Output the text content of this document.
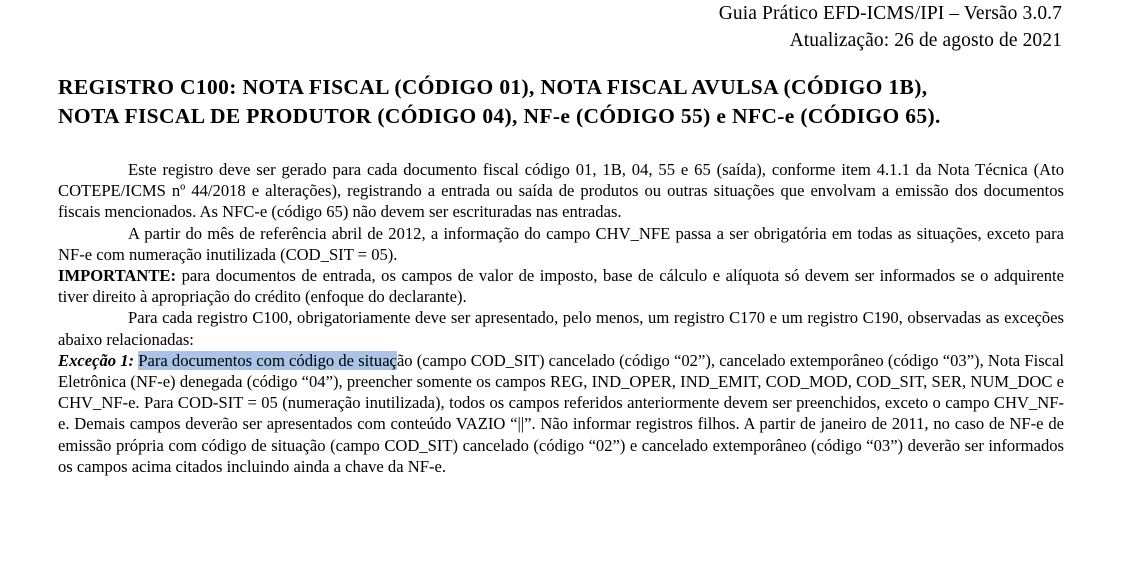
Guia Prático EFD-ICMS/IPI – Versão 3.0.7
Atualização: 26 de agosto de 2021
REGISTRO C100: NOTA FISCAL (CÓDIGO 01), NOTA FISCAL AVULSA (CÓDIGO 1B),
NOTA FISCAL DE PRODUTOR (CÓDIGO 04), NF-e (CÓDIGO 55) e NFC-e (CÓDIGO 65).

Este registro deve ser gerado para cada documento fiscal código 01, 1B, 04, 55 e 65 (saída), conforme item 4.1.1 da Nota Técnica (Ato COTEPE/ICMS nº 44/2018 e alterações), registrando a entrada ou saída de produtos ou outras situações que envolvam a emissão dos documentos fiscais mencionados. As NFC-e (código 65) não devem ser escrituradas nas entradas.

A partir do mês de referência abril de 2012, a informação do campo CHV_NFE passa a ser obrigatória em todas as situações, exceto para NF-e com numeração inutilizada (COD_SIT = 05).

IMPORTANTE: para documentos de entrada, os campos de valor de imposto, base de cálculo e alíquota só devem ser informados se o adquirente tiver direito à apropriação do crédito (enfoque do declarante).

Para cada registro C100, obrigatoriamente deve ser apresentado, pelo menos, um registro C170 e um registro C190, observadas as exceções abaixo relacionadas:

Exceção 1: Para documentos com código de situação (campo COD_SIT) cancelado (código “02”), cancelado extemporâneo (código “03”), Nota Fiscal Eletrônica (NF-e) denegada (código “04”), preencher somente os campos REG, IND_OPER, IND_EMIT, COD_MOD, COD_SIT, SER, NUM_DOC e CHV_NF-e. Para COD-SIT = 05 (numeração inutilizada), todos os campos referidos anteriormente devem ser preenchidos, exceto o campo CHV_NF-e. Demais campos deverão ser apresentados com conteúdo VAZIO “||”. Não informar registros filhos. A partir de janeiro de 2011, no caso de NF-e de emissão própria com código de situação (campo COD_SIT) cancelado (código “02”) e cancelado extemporâneo (código “03”) deverão ser informados os campos acima citados incluindo ainda a chave da NF-e.
